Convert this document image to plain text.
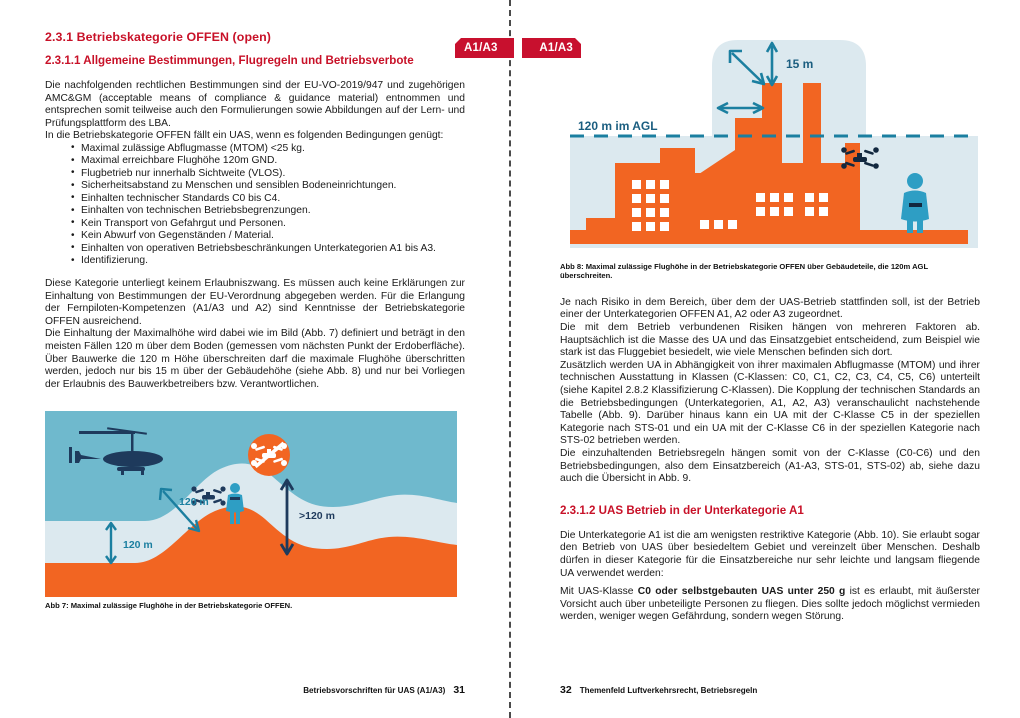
2.3.1 Betriebskategorie OFFEN (open)
2.3.1.1 Allgemeine Bestimmungen, Flugregeln und Betriebsverbote

Die nachfolgenden rechtlichen Bestimmungen sind der EU-VO-2019/947 und zugehörigen AMC&GM (acceptable means of compliance & guidance material) entnommen und entsprechen somit teilweise auch den Formulierungen sowie Abbildungen auf der Lern- und Prüfungsplattform des LBA.

In die Betriebskategorie OFFEN fällt ein UAS, wenn es folgenden Bedingungen genügt:

• Maximal zulässige Abflugmasse (MTOM) <25 kg.
• Maximal erreichbare Flughöhe 120m GND.
• Flugbetrieb nur innerhalb Sichtweite (VLOS).
• Sicherheitsabstand zu Menschen und sensiblen Bodeneinrichtungen.
• Einhalten technischer Standards C0 bis C4.
• Einhalten von technischen Betriebsbegrenzungen.
• Kein Transport von Gefahrgut und Personen.
• Kein Abwurf von Gegenständen / Material.
• Einhalten von operativen Betriebsbeschränkungen Unterkategorien A1 bis A3.
• Identifizierung.

Diese Kategorie unterliegt keinem Erlaubniszwang. Es müssen auch keine Erklärungen zur Einhaltung von Bestimmungen der EU-Verordnung abgegeben werden. Für die Erlangung der Fernpiloten-Kompetenzen (A1/A3 und A2) sind Kenntnisse der Betriebskategorie OFFEN ausreichend.

Die Einhaltung der Maximalhöhe wird dabei wie im Bild (Abb. 7) definiert und beträgt in den meisten Fällen 120 m über dem Boden (gemessen vom nächsten Punkt der Erdoberfläche). Über Bauwerke die 120 m Höhe überschreiten darf die maximale Flughöhe überschritten werden, jedoch nur bis 15 m über der Gebäudehöhe (siehe Abb. 8) und nur bei Vorliegen der Erlaubnis des Bauwerkbetreibers bzw. Verantwortlichen.

120 m
120 m
>120 m
Abb 7: Maximal zulässige Flughöhe in der Betriebskategorie OFFEN.
Betriebsvorschriften für UAS (A1/A3) 31
120 m im AGL
15 m
Abb 8: Maximal zulässige Flughöhe in der Betriebskategorie OFFEN über Gebäudeteile, die 120m AGL überschreiten.

Je nach Risiko in dem Bereich, über dem der UAS-Betrieb stattfinden soll, ist der Betrieb einer der Unterkategorien OFFEN A1, A2 oder A3 zugeordnet.

Die mit dem Betrieb verbundenen Risiken hängen von mehreren Faktoren ab. Hauptsächlich ist die Masse des UA und das Einsatzgebiet entscheidend, zum Beispiel wie stark ist das Fluggebiet besiedelt, wie viele Menschen befinden sich dort.

Zusätzlich werden UA in Abhängigkeit von ihrer maximalen Abflugmasse (MTOM) und ihrer technischen Ausstattung in Klassen (C-Klassen: C0, C1, C2, C3, C4, C5, C6) unterteilt (siehe Kapitel 2.8.2 Klassifizierung C-Klassen). Die Kopplung der technischen Standards an die Betriebsbedingungen (Unterkategorien, A1, A2, A3) veranschaulicht nachstehende Tabelle (Abb. 9). Darüber hinaus kann ein UA mit der C-Klasse C5 in der speziellen Kategorie nach STS-01 und ein UA mit der C-Klasse C6 in der speziellen Kategorie nach STS-02 betrieben werden.

Die einzuhaltenden Betriebsregeln hängen somit von der C-Klasse (C0-C6) und den Betriebsbedingungen, also dem Einsatzbereich (A1-A3, STS-01, STS-02) ab, siehe dazu auch die Übersicht in Abb. 9.

2.3.1.2 UAS Betrieb in der Unterkategorie A1

Die Unterkategorie A1 ist die am wenigsten restriktive Kategorie (Abb. 10). Sie erlaubt sogar den Betrieb von UAS über besiedeltem Gebiet und vereinzelt über Menschen. Deshalb dürfen in dieser Kategorie für die Einsatzbereiche nur sehr leichte und langsam fliegende UA verwendet werden:

Mit UAS-Klasse C0 oder selbstgebauten UAS unter 250 g ist es erlaubt, mit äußerster Vorsicht auch über unbeteiligte Personen zu fliegen. Dies sollte jedoch möglichst vermieden werden, weniger wegen Gefährdung, sondern wegen Störung.

32 Themenfeld Luftverkehrsrecht, Betriebsregeln
A1/A3	A1/A3
